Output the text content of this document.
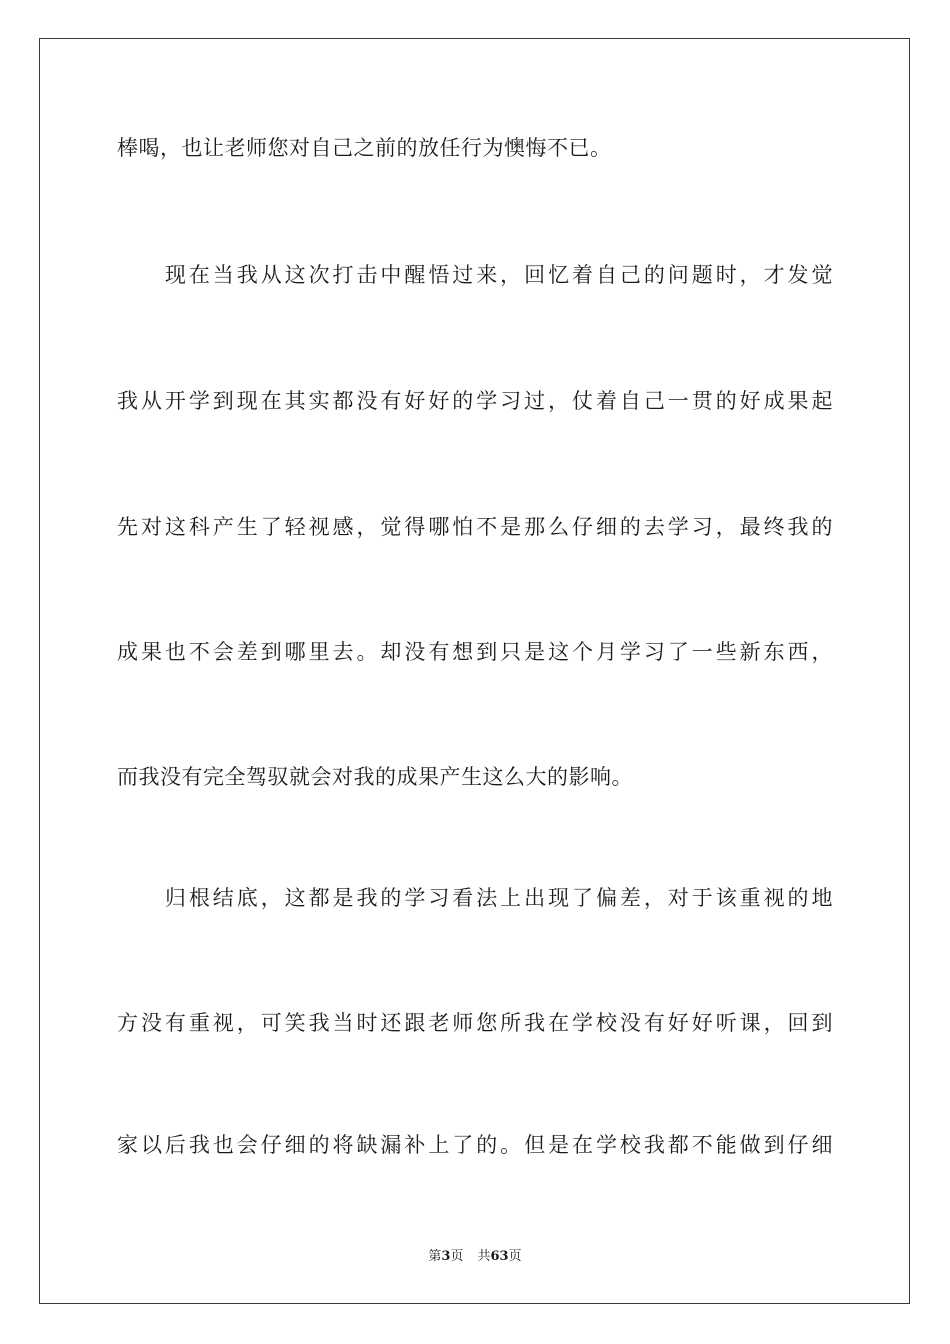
棒喝，也让老师您对自己之前的放任行为懊悔不已。
　　现在当我从这次打击中醒悟过来，回忆着自己的问题时，才发觉
我从开学到现在其实都没有好好的学习过，仗着自己一贯的好成果起
先对这科产生了轻视感，觉得哪怕不是那么仔细的去学习，最终我的
成果也不会差到哪里去。却没有想到只是这个月学习了一些新东西，
而我没有完全驾驭就会对我的成果产生这么大的影响。
　　归根结底，这都是我的学习看法上出现了偏差，对于该重视的地
方没有重视，可笑我当时还跟老师您所我在学校没有好好听课，回到
家以后我也会仔细的将缺漏补上了的。但是在学校我都不能做到仔细
第3页 共63页
